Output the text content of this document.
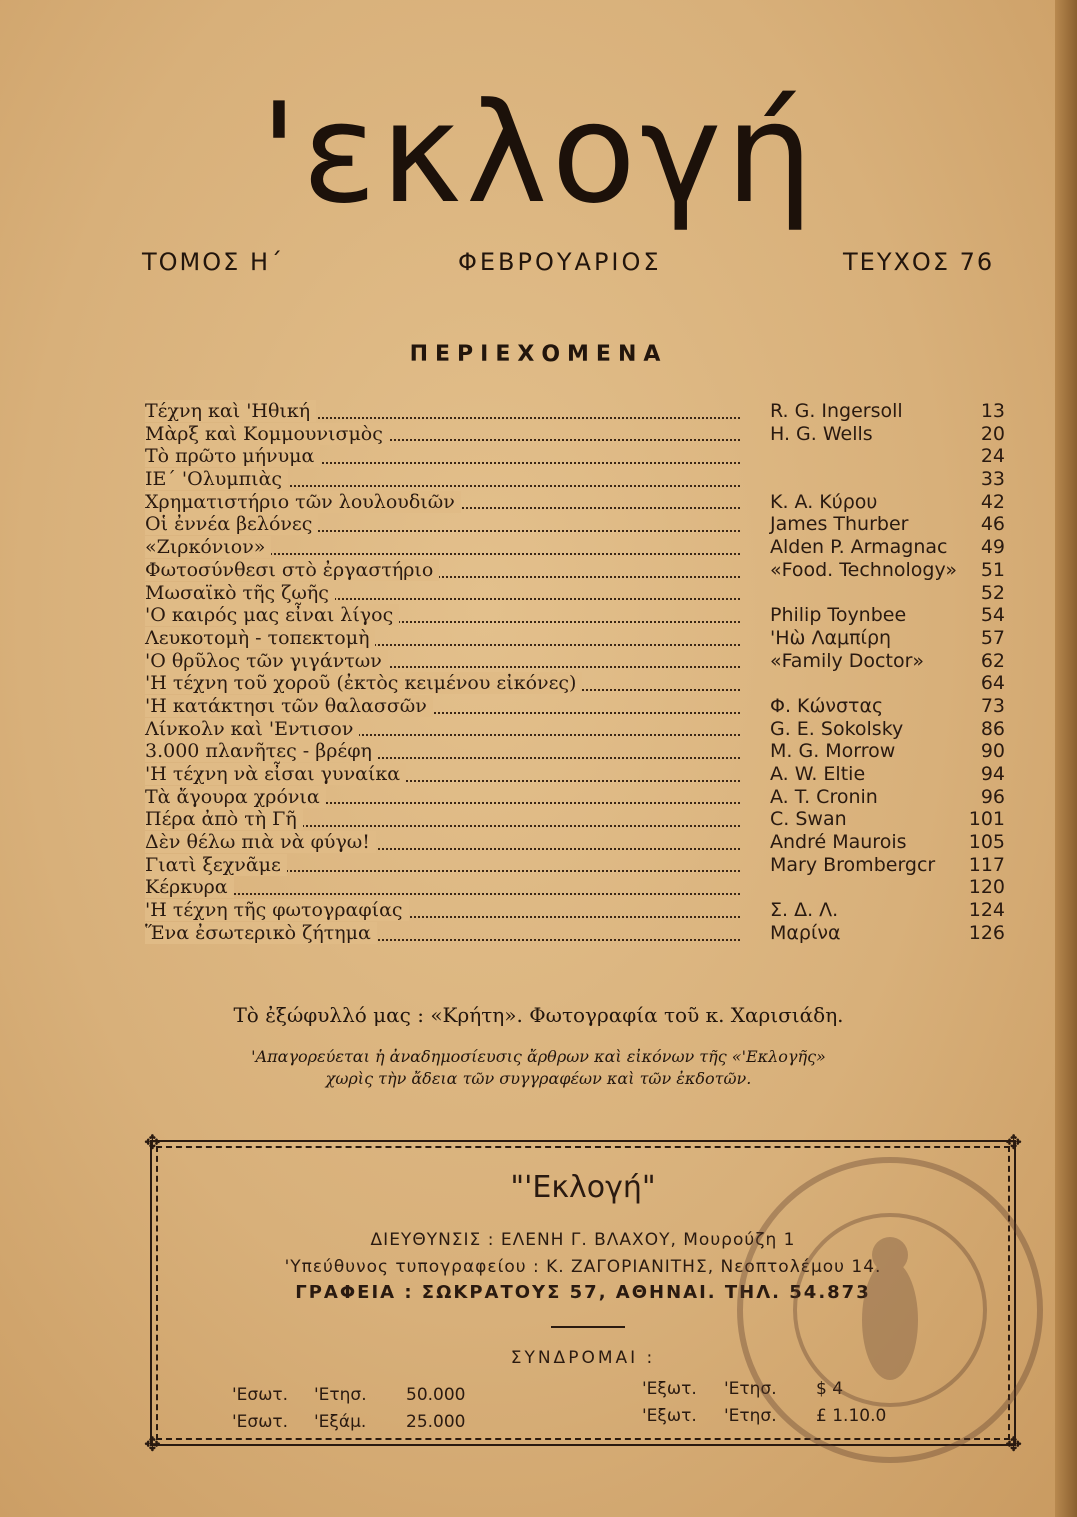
'εκλογή
ΤΟΜΟΣ Η΄	ΦΕΒΡΟΥΑΡΙΟΣ	ΤΕΥΧΟΣ 76
ΠΕΡΙΕΧΟΜΕΝΑ
Τέχνη καὶ 'Ηθική	R. G. Ingersoll	13
Μὰρξ καὶ Κομμουνισμὸς	H. G. Wells	20
Τὸ πρῶτο μήνυμα	24
ΙΕ΄ 'Ολυμπιὰς	33
Χρηματιστήριο τῶν λουλουδιῶν	K. A. Κύρου	42
Οἱ ἐννέα βελόνες	James Thurber	46
«Ζιρκόνιον»	Alden P. Armagnac 49
Φωτοσύνθεσι στὸ ἐργαστήριο	«Food. Technology» 51
Μωσαϊκὸ τῆς ζωῆς	52
'Ο καιρός μας εἶναι λίγος	Philip Toynbee	54
Λευκοτομὴ - τοπεκτομὴ	'Ηὼ Λαμπίρη	57
'Ο θρῦλος τῶν γιγάντων	«Family Doctor»	62
'Η τέχνη τοῦ χοροῦ (ἐκτὸς κειμένου εἰκόνες)	64
'Η κατάκτησι τῶν θαλασσῶν	Φ. Κώνστας	73
Λίνκολν καὶ 'Εντισον	G. E. Sokolsky	86
3.000 πλανῆτες - βρέφη	M. G. Morrow	90
'Η τέχνη νὰ εἶσαι γυναίκα	A. W. Eltie	94
Τὰ ἄγουρα χρόνια	A. T. Cronin	96
Πέρα ἀπὸ τὴ Γῆ	C. Swan	101
Δὲν θέλω πιὰ νὰ φύγω!	André Maurois	105
Γιατὶ ξεχνᾶμε	Mary Brombergcr 117
Κέρκυρα	120
'Η τέχνη τῆς φωτογραφίας	Σ. Δ. Λ.	124
Ἕνα ἐσωτερικὸ ζήτημα	Μαρίνα	126
Τὸ ἐξώφυλλό μας : «Κρήτη». Φωτογραφία τοῦ κ. Χαρισιάδη.
'Απαγορεύεται ἡ ἀναδημοσίευσις ἄρθρων καὶ εἰκόνων τῆς «'Εκλογῆς»
χωρὶς τὴν ἄδεια τῶν συγγραφέων καὶ τῶν ἐκδοτῶν.
✥	✥
✥	✥
"'Εκλογή"
ΔΙΕΥΘΥΝΣΙΣ : ΕΛΕΝΗ Γ. ΒΛΑΧΟΥ, Μουρούζη 1
'Υπεύθυνος τυπογραφείου : Κ. ΖΑΓΟΡΙΑΝΙΤΗΣ, Νεοπτολέμου 14.
ΓΡΑΦΕΙΑ : ΣΩΚΡΑΤΟΥΣ 57, ΑΘΗΝΑΙ. ΤΗΛ. 54.873
ΣΥΝΔΡΟΜΑΙ :
'Εσωτ. 'Ετησ. 50.000
'Εσωτ. 'Εξάμ. 25.000
'Εξωτ. 'Ετησ. $ 4
'Εξωτ. 'Ετησ. £ 1.10.0
